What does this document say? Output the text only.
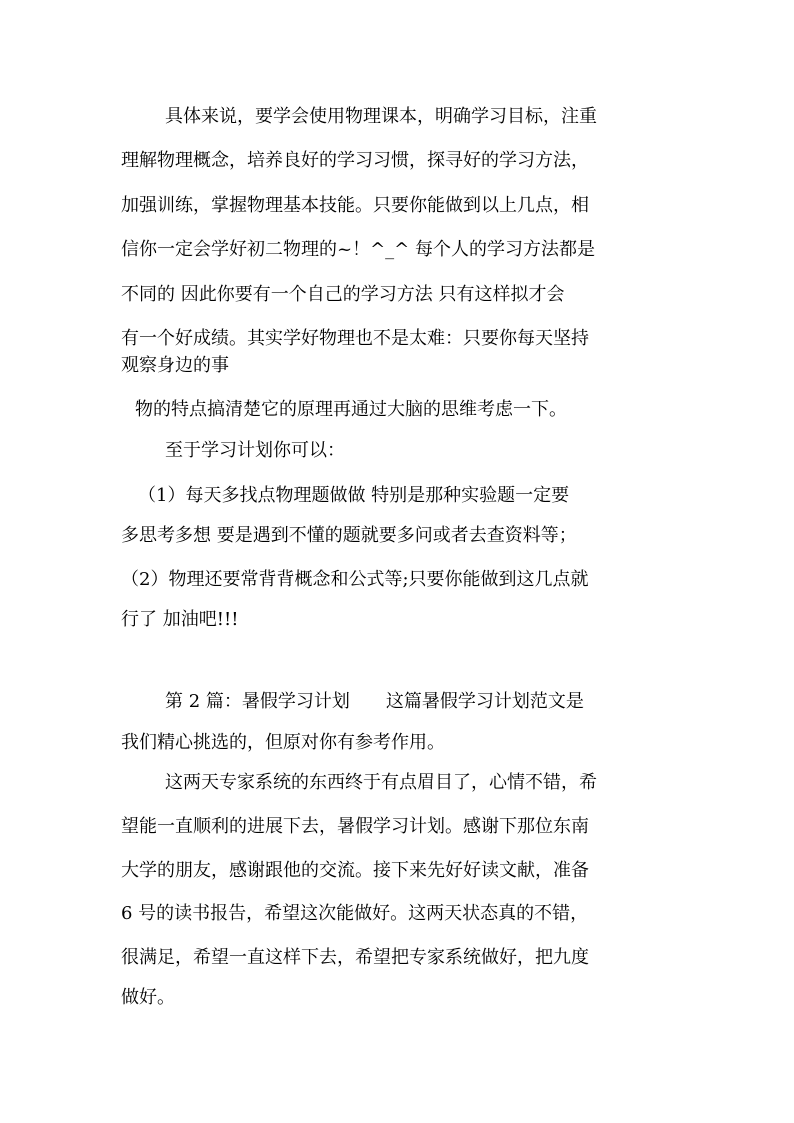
具体来说，要学会使用物理课本，明确学习目标，注重
理解物理概念，培养良好的学习习惯，探寻好的学习方法，
加强训练，掌握物理基本技能。只要你能做到以上几点，相
信你一定会学好初二物理的~！^_^ 每个人的学习方法都是
不同的 因此你要有一个自己的学习方法 只有这样拟才会
有一个好成绩。其实学好物理也不是太难：只要你每天坚持
观察身边的事
物的特点搞清楚它的原理再通过大脑的思维考虑一下。
至于学习计划你可以：
（1）每天多找点物理题做做 特别是那种实验题一定要
多思考多想 要是遇到不懂的题就要多问或者去查资料等；
（2）物理还要常背背概念和公式等;只要你能做到这几点就
行了 加油吧!!!
第 2 篇：暑假学习计划　　这篇暑假学习计划范文是
我们精心挑选的，但原对你有参考作用。
这两天专家系统的东西终于有点眉目了，心情不错，希
望能一直顺利的进展下去，暑假学习计划。感谢下那位东南
大学的朋友，感谢跟他的交流。接下来先好好读文献，准备
6 号的读书报告，希望这次能做好。这两天状态真的不错，
很满足，希望一直这样下去，希望把专家系统做好，把九度
做好。
